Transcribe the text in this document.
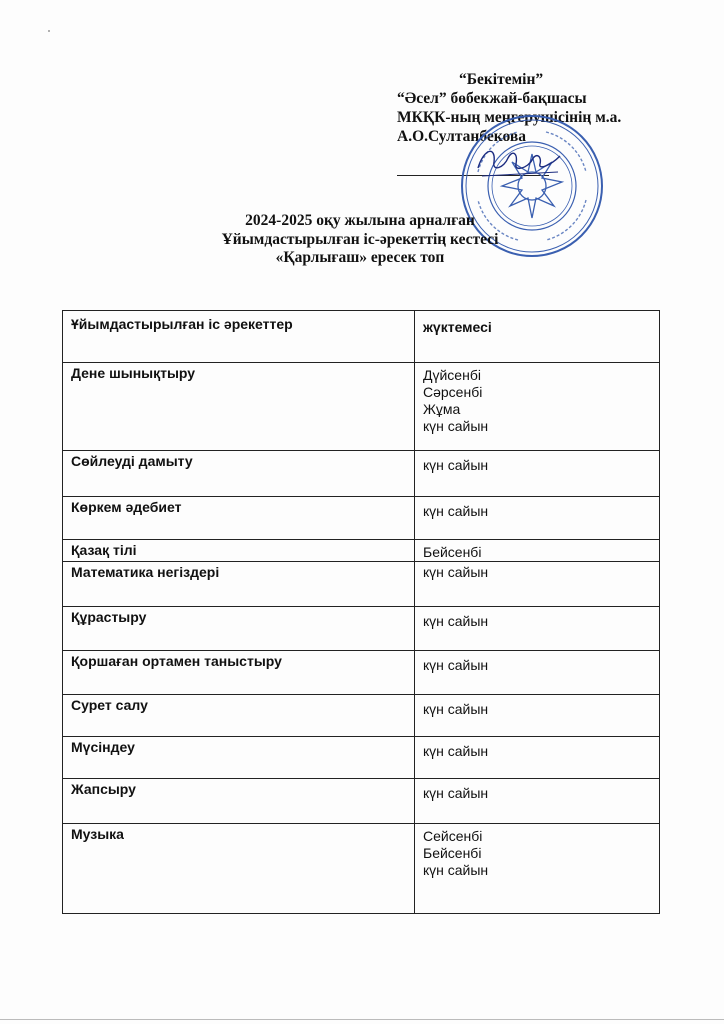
“Бекітемін”
“Әсел” бөбекжай-бақшасы
МКҚК-ның меңгерушісінің м.а.
А.О.Султанбекова
2024-2025 оқу жылына арналған
Ұйымдастырылған іс-әрекеттің кестесі
«Қарлығаш» ересек топ
Ұйымдастырылған іс әрекеттер	жүктемесі
Дене шынықтыру	Дүйсенбі
Сәрсенбі
Жұма
күн сайын

Сөйлеуді дамыту	күн сайын
Көркем әдебиет	күн сайын
Қазақ тілі	Бейсенбі
Математика негіздері	күн сайын
Құрастыру	күн сайын
Қоршаған ортамен таныстыру	күн сайын
Сурет салу	күн сайын
Мүсіндеу	күн сайын
Жапсыру	күн сайын
Музыка	Сейсенбі
Бейсенбі
күн сайын
